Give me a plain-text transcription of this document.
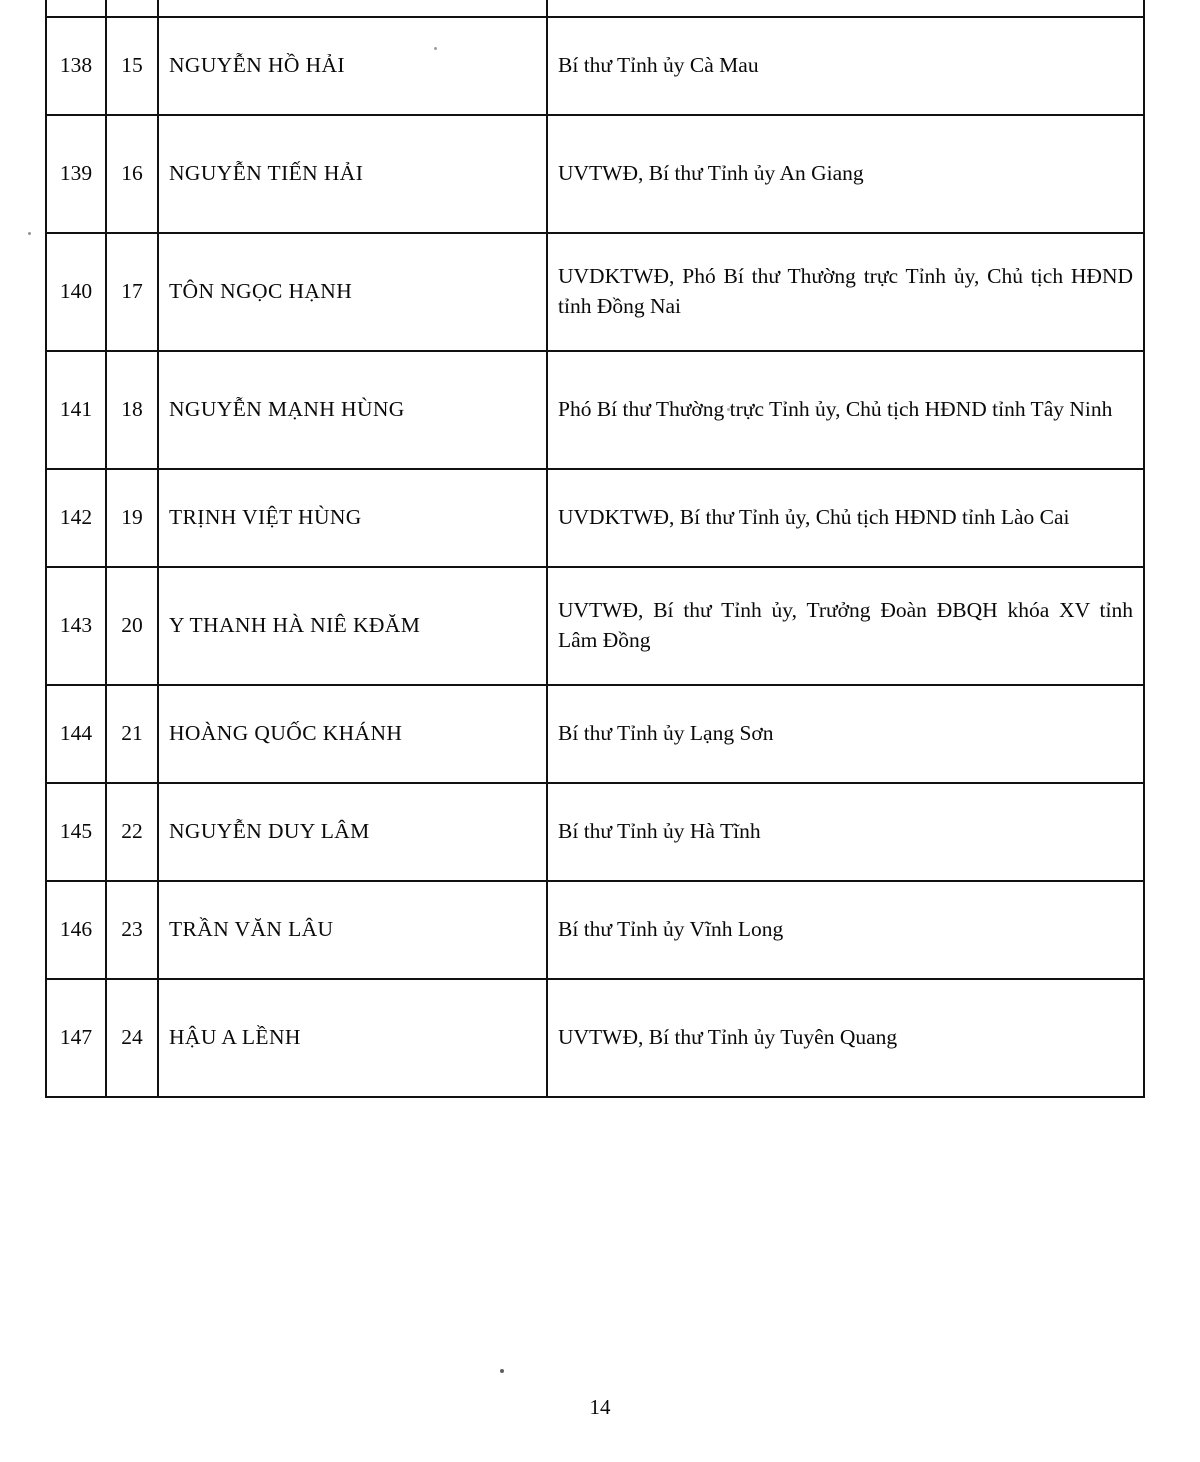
138	15	NGUYỄN HỒ HẢI	Bí thư Tỉnh ủy Cà Mau
139	16	NGUYỄN TIẾN HẢI	UVTWĐ, Bí thư Tỉnh ủy An Giang
140	17	TÔN NGỌC HẠNH	UVDKTWĐ, Phó Bí thư Thường trực Tỉnh ủy, Chủ tịch HĐND tỉnh Đồng Nai
141	18	NGUYỄN MẠNH HÙNG	Phó Bí thư Thường trực Tỉnh ủy, Chủ tịch HĐND tỉnh Tây Ninh
142	19	TRỊNH VIỆT HÙNG	UVDKTWĐ, Bí thư Tỉnh ủy, Chủ tịch HĐND tỉnh Lào Cai
143	20	Y THANH HÀ NIÊ KĐĂM	UVTWĐ, Bí thư Tỉnh ủy, Trưởng Đoàn ĐBQH khóa XV tỉnh Lâm Đồng
144	21	HOÀNG QUỐC KHÁNH	Bí thư Tỉnh ủy Lạng Sơn
145	22	NGUYỄN DUY LÂM	Bí thư Tỉnh ủy Hà Tĩnh
146	23	TRẦN VĂN LÂU	Bí thư Tỉnh ủy Vĩnh Long
147	24	HẬU A LỀNH	UVTWĐ, Bí thư Tỉnh ủy Tuyên Quang
14
